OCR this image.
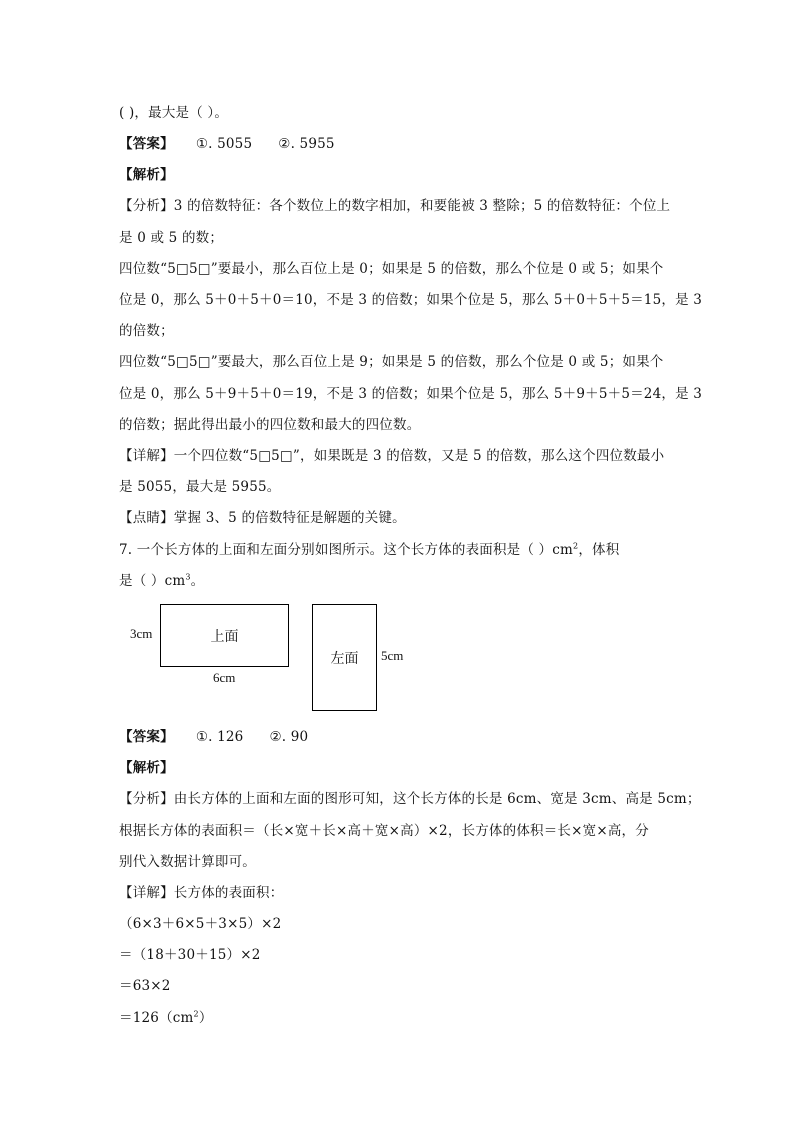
( )，最大是（ ）。
【答案】 ①. 5055 ②. 5955
【解析】
【分析】3 的倍数特征：各个数位上的数字相加，和要能被 3 整除；5 的倍数特征：个位上
是 0 或 5 的数；
四位数“5□5□”要最小，那么百位上是 0；如果是 5 的倍数，那么个位是 0 或 5；如果个
位是 0，那么 5＋0＋5＋0＝10，不是 3 的倍数；如果个位是 5，那么 5＋0＋5＋5＝15，是 3
的倍数；
四位数“5□5□”要最大，那么百位上是 9；如果是 5 的倍数，那么个位是 0 或 5；如果个
位是 0，那么 5＋9＋5＋0＝19，不是 3 的倍数；如果个位是 5，那么 5＋9＋5＋5＝24，是 3
的倍数；据此得出最小的四位数和最大的四位数。
【详解】一个四位数“5□5□”，如果既是 3 的倍数，又是 5 的倍数，那么这个四位数最小
是 5055，最大是 5955。
【点睛】掌握 3、5 的倍数特征是解题的关键。
7. 一个长方体的上面和左面分别如图所示。这个长方体的表面积是（ ）$cm^2$，体积
是（ ）$cm^3$。
3cm	上面
6cm
左面	5cm
【答案】 ①. 126 ②. 90
【解析】
【分析】由长方体的上面和左面的图形可知，这个长方体的长是 6cm、宽是 3cm、高是 5cm；
根据长方体的表面积＝（长×宽＋长×高＋宽×高）×2，长方体的体积＝长×宽×高，分
别代入数据计算即可。
【详解】长方体的表面积：
（6×3＋6×5＋3×5）×2
＝（18＋30＋15）×2
＝63×2
$=126(cm^2)$
